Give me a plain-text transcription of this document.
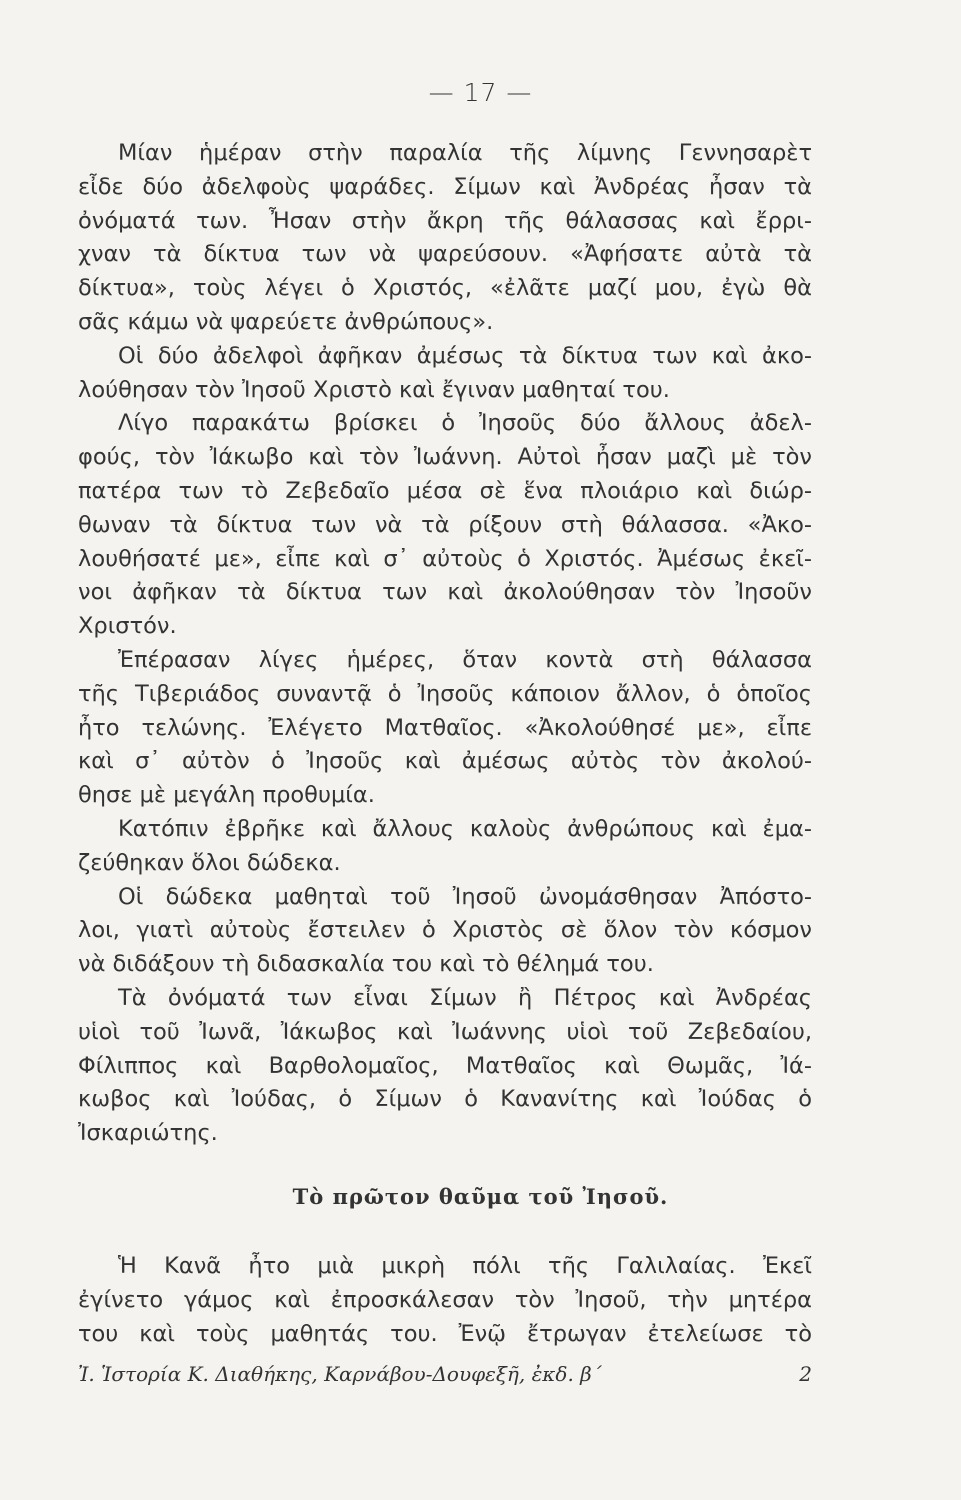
— 17 —
Μίαν ἡμέραν στὴν παραλία τῆς λίμνης Γεννησαρὲτ
εἶδε δύο ἀδελφοὺς ψαράδες. Σίμων καὶ Ἀνδρέας ἦσαν τὰ
ὀνόματά των. Ἦσαν στὴν ἄκρη τῆς θάλασσας καὶ ἔρρι-
χναν τὰ δίκτυα των νὰ ψαρεύσουν. «Ἀφήσατε αὐτὰ τὰ
δίκτυα», τοὺς λέγει ὁ Χριστός, «ἐλᾶτε μαζί μου, ἐγὼ θὰ
σᾶς κάμω νὰ ψαρεύετε ἀνθρώπους».
Οἱ δύο ἀδελφοὶ ἀφῆκαν ἀμέσως τὰ δίκτυα των καὶ ἀκο-
λούθησαν τὸν Ἰησοῦ Χριστὸ καὶ ἔγιναν μαθηταί του.
Λίγο παρακάτω βρίσκει ὁ Ἰησοῦς δύο ἄλλους ἀδελ-
φούς, τὸν Ἰάκωβο καὶ τὸν Ἰωάννη. Αὐτοὶ ἦσαν μαζὶ μὲ τὸν
πατέρα των τὸ Ζεβεδαῖο μέσα σὲ ἕνα πλοιάριο καὶ διώρ-
θωναν τὰ δίκτυα των νὰ τὰ ρίξουν στὴ θάλασσα. «Ἀκο-
λουθήσατέ με», εἶπε καὶ σ᾽ αὐτοὺς ὁ Χριστός. Ἀμέσως ἐκεῖ-
νοι ἀφῆκαν τὰ δίκτυα των καὶ ἀκολούθησαν τὸν Ἰησοῦν
Χριστόν.
Ἐπέρασαν λίγες ἡμέρες, ὅταν κοντὰ στὴ θάλασσα
τῆς Τιβεριάδος συναντᾷ ὁ Ἰησοῦς κάποιον ἄλλον, ὁ ὁποῖος
ἦτο τελώνης. Ἐλέγετο Ματθαῖος. «Ἀκολούθησέ με», εἶπε
καὶ σ᾽ αὐτὸν ὁ Ἰησοῦς καὶ ἀμέσως αὐτὸς τὸν ἀκολού-
θησε μὲ μεγάλη προθυμία.
Κατόπιν ἐβρῆκε καὶ ἄλλους καλοὺς ἀνθρώπους καὶ ἐμα-
ζεύθηκαν ὅλοι δώδεκα.
Οἱ δώδεκα μαθηταὶ τοῦ Ἰησοῦ ὠνομάσθησαν Ἀπόστο-
λοι, γιατὶ αὐτοὺς ἔστειλεν ὁ Χριστὸς σὲ ὅλον τὸν κόσμον
νὰ διδάξουν τὴ διδασκαλία του καὶ τὸ θέλημά του.
Τὰ ὀνόματά των εἶναι Σίμων ἢ Πέτρος καὶ Ἀνδρέας
υἱοὶ τοῦ Ἰωνᾶ, Ἰάκωβος καὶ Ἰωάννης υἱοὶ τοῦ Ζεβεδαίου,
Φίλιππος καὶ Βαρθολομαῖος, Ματθαῖος καὶ Θωμᾶς, Ἰά-
κωβος καὶ Ἰούδας, ὁ Σίμων ὁ Κανανίτης καὶ Ἰούδας ὁ
Ἰσκαριώτης.
Τὸ πρῶτον θαῦμα τοῦ Ἰησοῦ.
Ἡ Κανᾶ ἦτο μιὰ μικρὴ πόλι τῆς Γαλιλαίας. Ἐκεῖ
ἐγίνετο γάμος καὶ ἐπροσκάλεσαν τὸν Ἰησοῦ, τὴν μητέρα
του καὶ τοὺς μαθητάς του. Ἐνῷ ἔτρωγαν ἐτελείωσε τὸ
Ἰ. Ἱστορία Κ. Διαθήκης, Καρνάβου-Δουφεξῆ, ἐκδ. β´	2
